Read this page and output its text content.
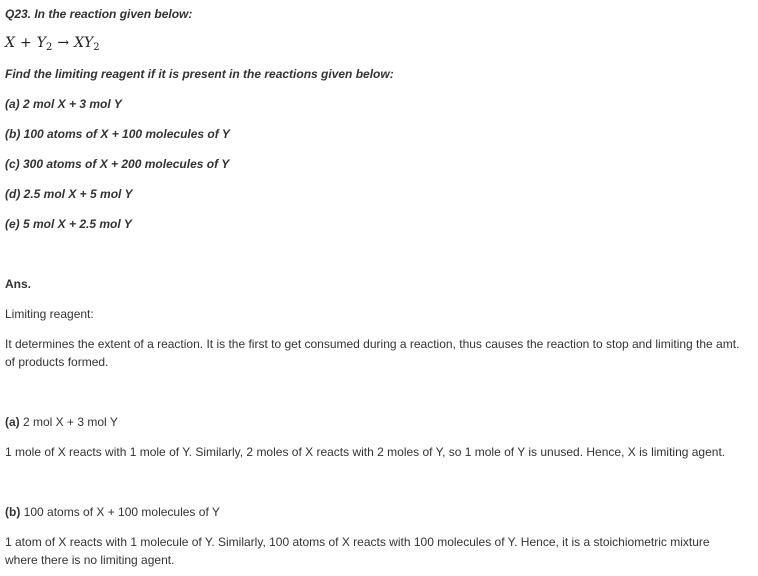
Q23. In the reaction given below:
$X + Y_2 \to XY_2$
Find the limiting reagent if it is present in the reactions given below:
(a) 2 mol X + 3 mol Y
(b) 100 atoms of X + 100 molecules of Y
(c) 300 atoms of X + 200 molecules of Y
(d) 2.5 mol X + 5 mol Y
(e) 5 mol X + 2.5 mol Y
Ans.
Limiting reagent:
It determines the extent of a reaction. It is the first to get consumed during a reaction, thus causes the reaction to stop and limiting the amt. of products formed.
(a) 2 mol X + 3 mol Y
1 mole of X reacts with 1 mole of Y. Similarly, 2 moles of X reacts with 2 moles of Y, so 1 mole of Y is unused. Hence, X is limiting agent.
(b) 100 atoms of X + 100 molecules of Y
1 atom of X reacts with 1 molecule of Y. Similarly, 100 atoms of X reacts with 100 molecules of Y. Hence, it is a stoichiometric mixture where there is no limiting agent.
